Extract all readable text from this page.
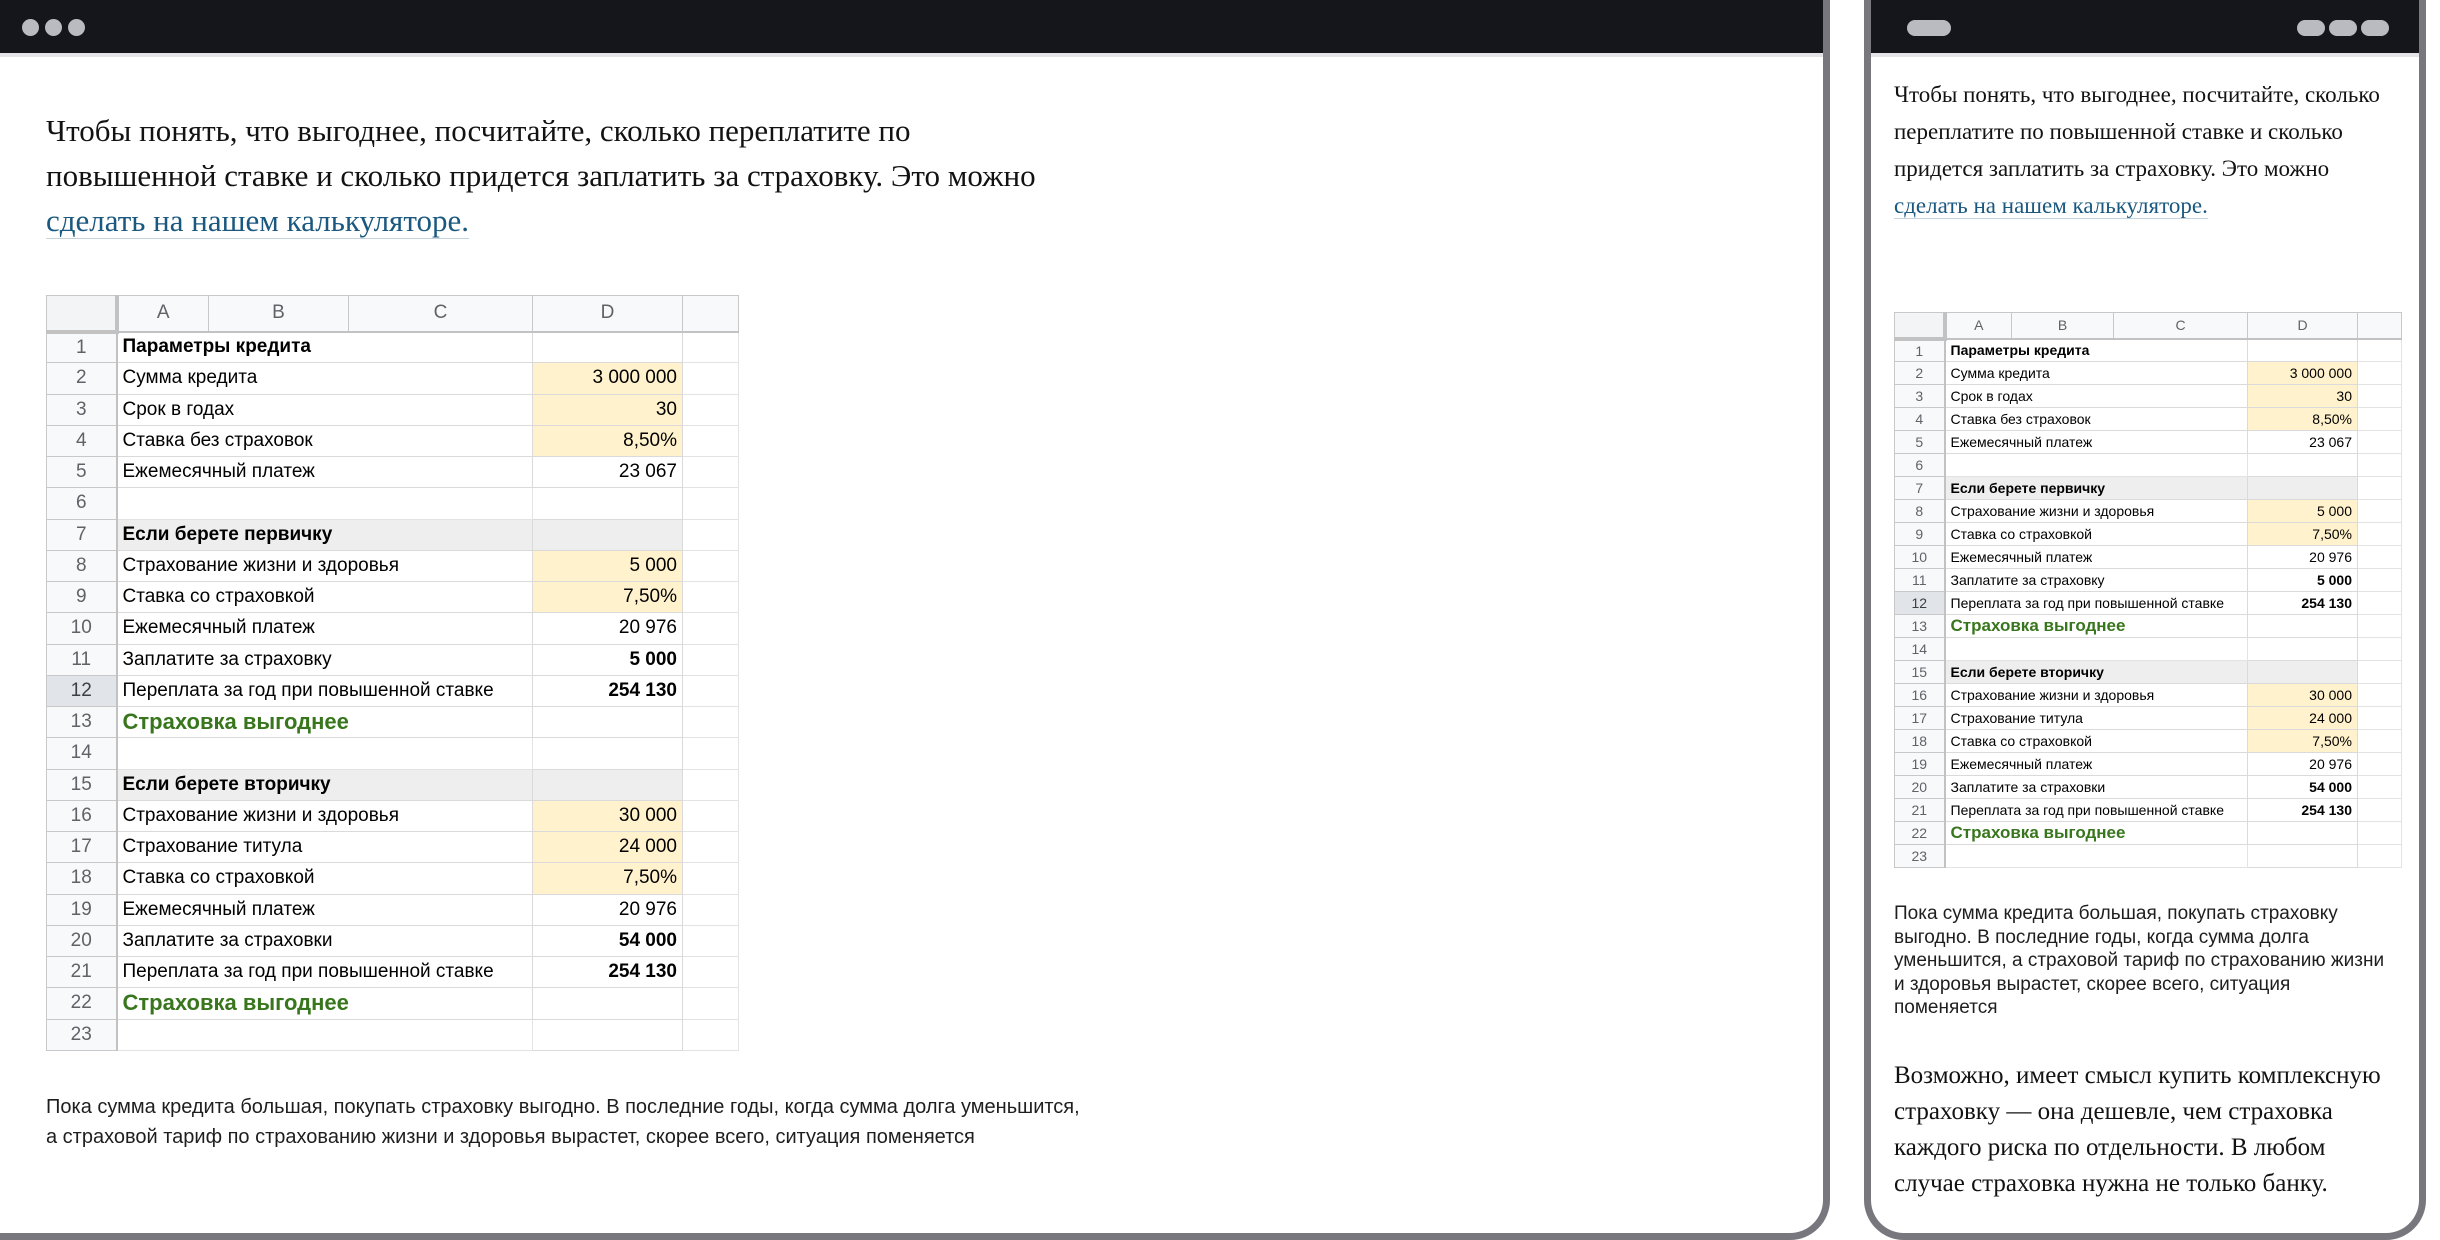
Чтобы понять, что выгоднее, посчитайте, сколько переплатите по повышенной ставке и сколько придется заплатить за страховку. Это можно сделать на нашем калькуляторе.

	A	B	C	D	
1	Параметры кредита				
2	Сумма кредита			3 000 000	
3	Срок в годах			30	
4	Ставка без страховок			8,50%	
5	Ежемесячный платеж			23 067	
6					
7	Если берете первичку				
8	Страхование жизни и здоровья			5 000	
9	Ставка со страховкой			7,50%	
10	Ежемесячный платеж			20 976	
11	Заплатите за страховку			5 000	
12	Переплата за год при повышенной ставке			254 130	
13	Страховка выгоднее				
14					
15	Если берете вторичку				
16	Страхование жизни и здоровья			30 000	
17	Страхование титула			24 000	
18	Ставка со страховкой			7,50%	
19	Ежемесячный платеж			20 976	
20	Заплатите за страховки			54 000	
21	Переплата за год при повышенной ставке			254 130	
22	Страховка выгоднее				
23					

Пока сумма кредита большая, покупать страховку выгодно. В последние годы, когда сумма долга уменьшится, а страховой тариф по страхованию жизни и здоровья вырастет, скорее всего, ситуация поменяется

Чтобы понять, что выгоднее, посчитайте, сколько переплатите по повышенной ставке и сколько придется заплатить за страховку. Это можно сделать на нашем калькуляторе.

	A	B	C	D	
1	Параметры кредита				
2	Сумма кредита			3 000 000	
3	Срок в годах			30	
4	Ставка без страховок			8,50%	
5	Ежемесячный платеж			23 067	
6					
7	Если берете первичку				
8	Страхование жизни и здоровья			5 000	
9	Ставка со страховкой			7,50%	
10	Ежемесячный платеж			20 976	
11	Заплатите за страховку			5 000	
12	Переплата за год при повышенной ставке			254 130	
13	Страховка выгоднее				
14					
15	Если берете вторичку				
16	Страхование жизни и здоровья			30 000	
17	Страхование титула			24 000	
18	Ставка со страховкой			7,50%	
19	Ежемесячный платеж			20 976	
20	Заплатите за страховки			54 000	
21	Переплата за год при повышенной ставке			254 130	
22	Страховка выгоднее				
23					

Пока сумма кредита большая, покупать страховку выгодно. В последние годы, когда сумма долга уменьшится, а страховой тариф по страхованию жизни и здоровья вырастет, скорее всего, ситуация поменяется

Возможно, имеет смысл купить комплексную страховку — она дешевле, чем страховка каждого риска по отдельности. В любом случае страховка нужна не только банку.
